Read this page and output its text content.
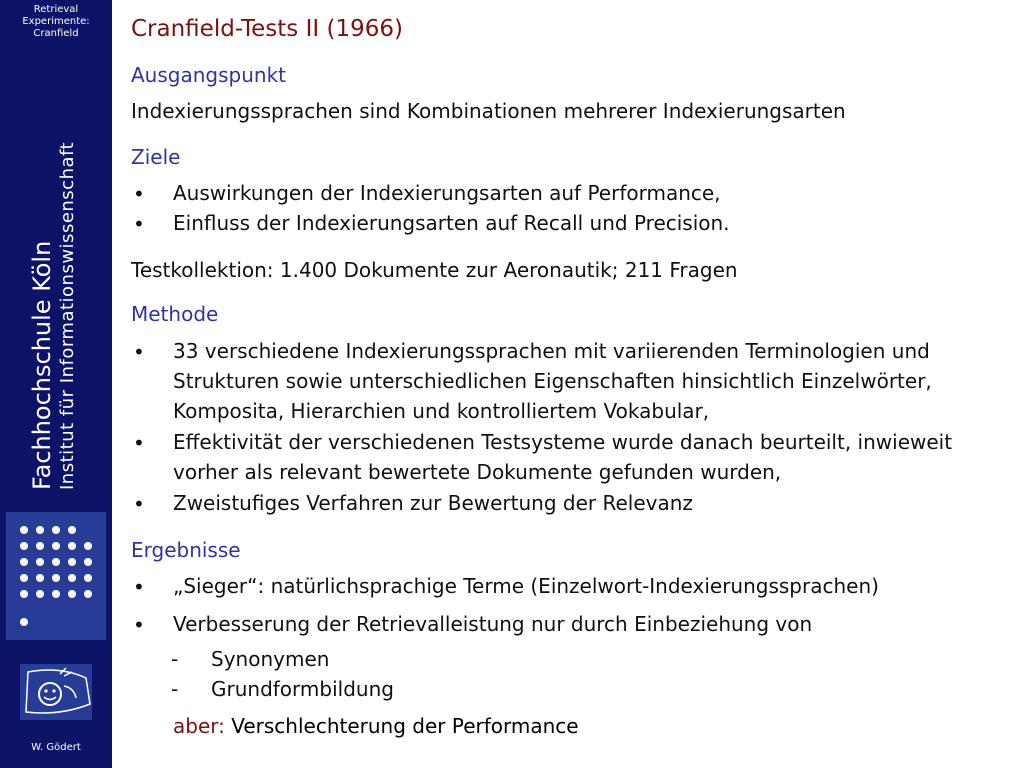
Retrieval Experimente: Cranfield
Fachhochschule Köln Institut für Informationswissenschaft
W. Gödert
Cranfield-Tests II (1966)
Ausgangspunkt
Indexierungssprachen sind Kombinationen mehrerer Indexierungsarten
Ziele
• Auswirkungen der Indexierungsarten auf Performance,
• Einfluss der Indexierungsarten auf Recall und Precision.
Testkollektion: 1.400 Dokumente zur Aeronautik; 211 Fragen
Methode
• 33 verschiedene Indexierungssprachen mit variierenden Terminologien und Strukturen sowie unterschiedlichen Eigenschaften hinsichtlich Einzelwörter, Komposita, Hierarchien und kontrolliertem Vokabular,
• Effektivität der verschiedenen Testsysteme wurde danach beurteilt, inwieweit vorher als relevant bewertete Dokumente gefunden wurden,
• Zweistufiges Verfahren zur Bewertung der Relevanz
Ergebnisse
• „Sieger“: natürlichsprachige Terme (Einzelwort-Indexierungssprachen)
• Verbesserung der Retrievalleistung nur durch Einbeziehung von
- Synonymen
- Grundformbildung
aber: Verschlechterung der Performance
